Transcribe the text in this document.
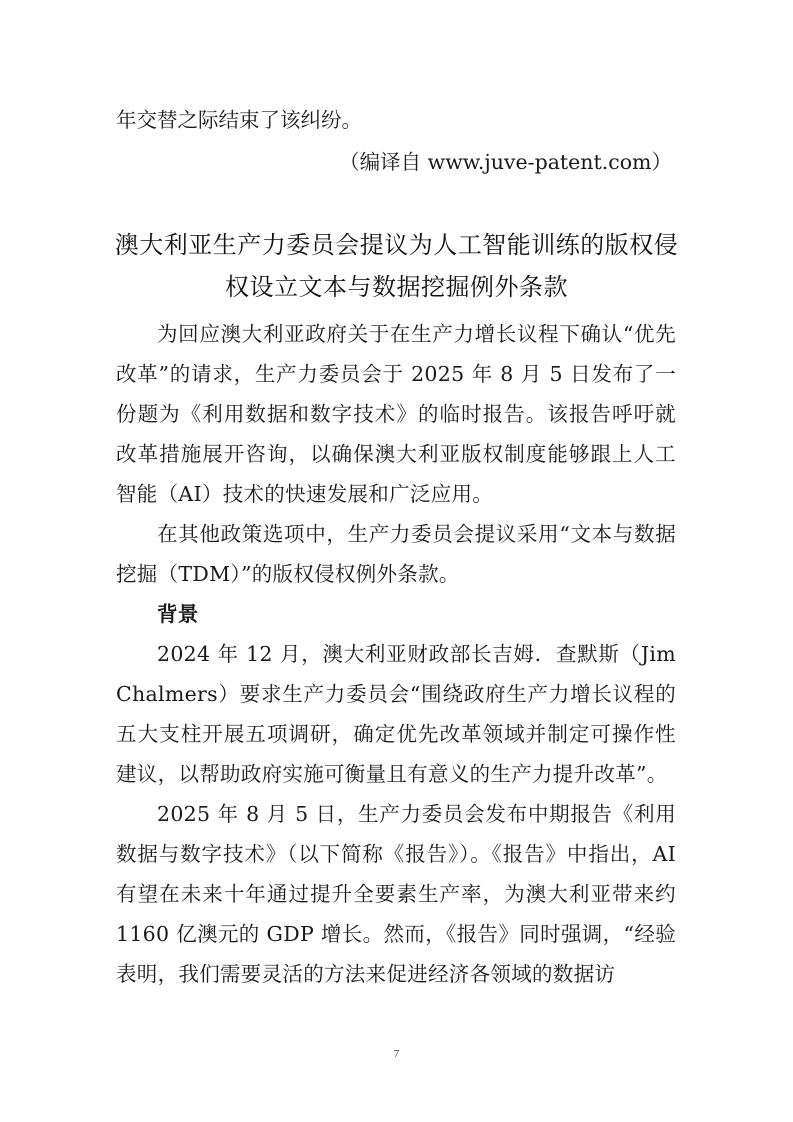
年交替之际结束了该纠纷。
（编译自 www.juve-patent.com）
澳大利亚生产力委员会提议为人工智能训练的版权侵权设立文本与数据挖掘例外条款

为回应澳大利亚政府关于在生产力增长议程下确认“优先改革”的请求，生产力委员会于 2025 年 8 月 5 日发布了一份题为《利用数据和数字技术》的临时报告。该报告呼吁就改革措施展开咨询，以确保澳大利亚版权制度能够跟上人工智能（AI）技术的快速发展和广泛应用。

在其他政策选项中，生产力委员会提议采用“文本与数据挖掘（TDM）”的版权侵权例外条款。

背景

2024 年 12 月，澳大利亚财政部长吉姆．查默斯（Jim Chalmers）要求生产力委员会“围绕政府生产力增长议程的五大支柱开展五项调研，确定优先改革领域并制定可操作性建议，以帮助政府实施可衡量且有意义的生产力提升改革”。

2025 年 8 月 5 日，生产力委员会发布中期报告《利用数据与数字技术》（以下简称《报告》）。《报告》中指出，AI 有望在未来十年通过提升全要素生产率，为澳大利亚带来约 1160 亿澳元的 GDP 增长。然而，《报告》同时强调，“经验表明，我们需要灵活的方法来促进经济各领域的数据访

7
